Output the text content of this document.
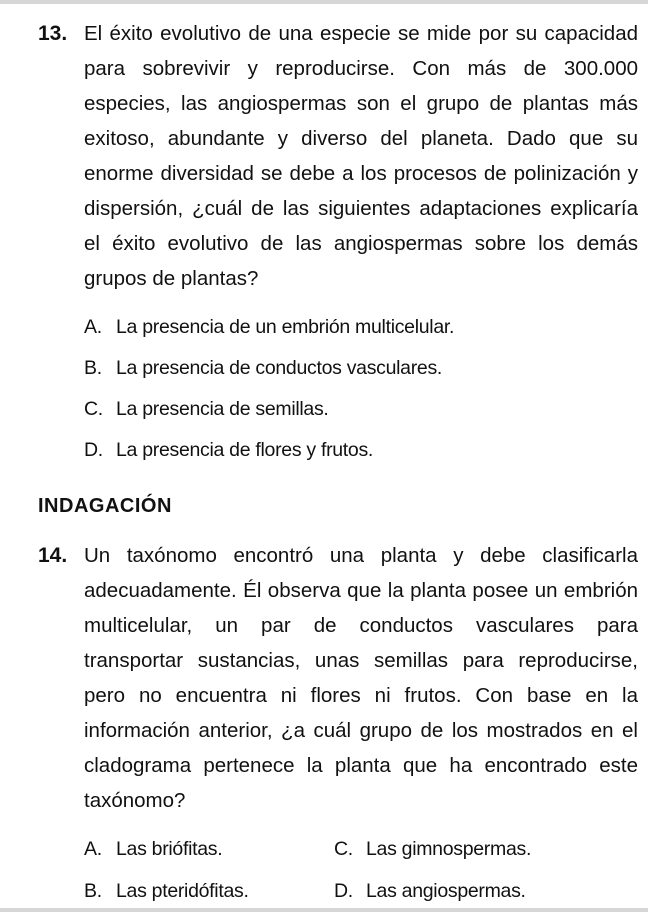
13. El éxito evolutivo de una especie se mide por su capacidad para sobrevivir y reproducirse. Con más de 300.000 especies, las angiospermas son el grupo de plantas más exitoso, abundante y diverso del planeta. Dado que su enorme diversidad se debe a los procesos de polinización y dispersión, ¿cuál de las siguientes adaptaciones explicaría el éxito evolutivo de las angiospermas sobre los demás grupos de plantas?
A. La presencia de un embrión multicelular.
B. La presencia de conductos vasculares.
C. La presencia de semillas.
D. La presencia de flores y frutos.
INDAGACIÓN
14. Un taxónomo encontró una planta y debe clasificarla adecuadamente. Él observa que la planta posee un embrión multicelular, un par de conductos vasculares para transportar sustancias, unas semillas para reproducirse, pero no encuentra ni flores ni frutos. Con base en la información anterior, ¿a cuál grupo de los mostrados en el cladograma pertenece la planta que ha encontrado este taxónomo?
A. Las briófitas.	C. Las gimnospermas.
B. Las pteridófitas.	D. Las angiospermas.
